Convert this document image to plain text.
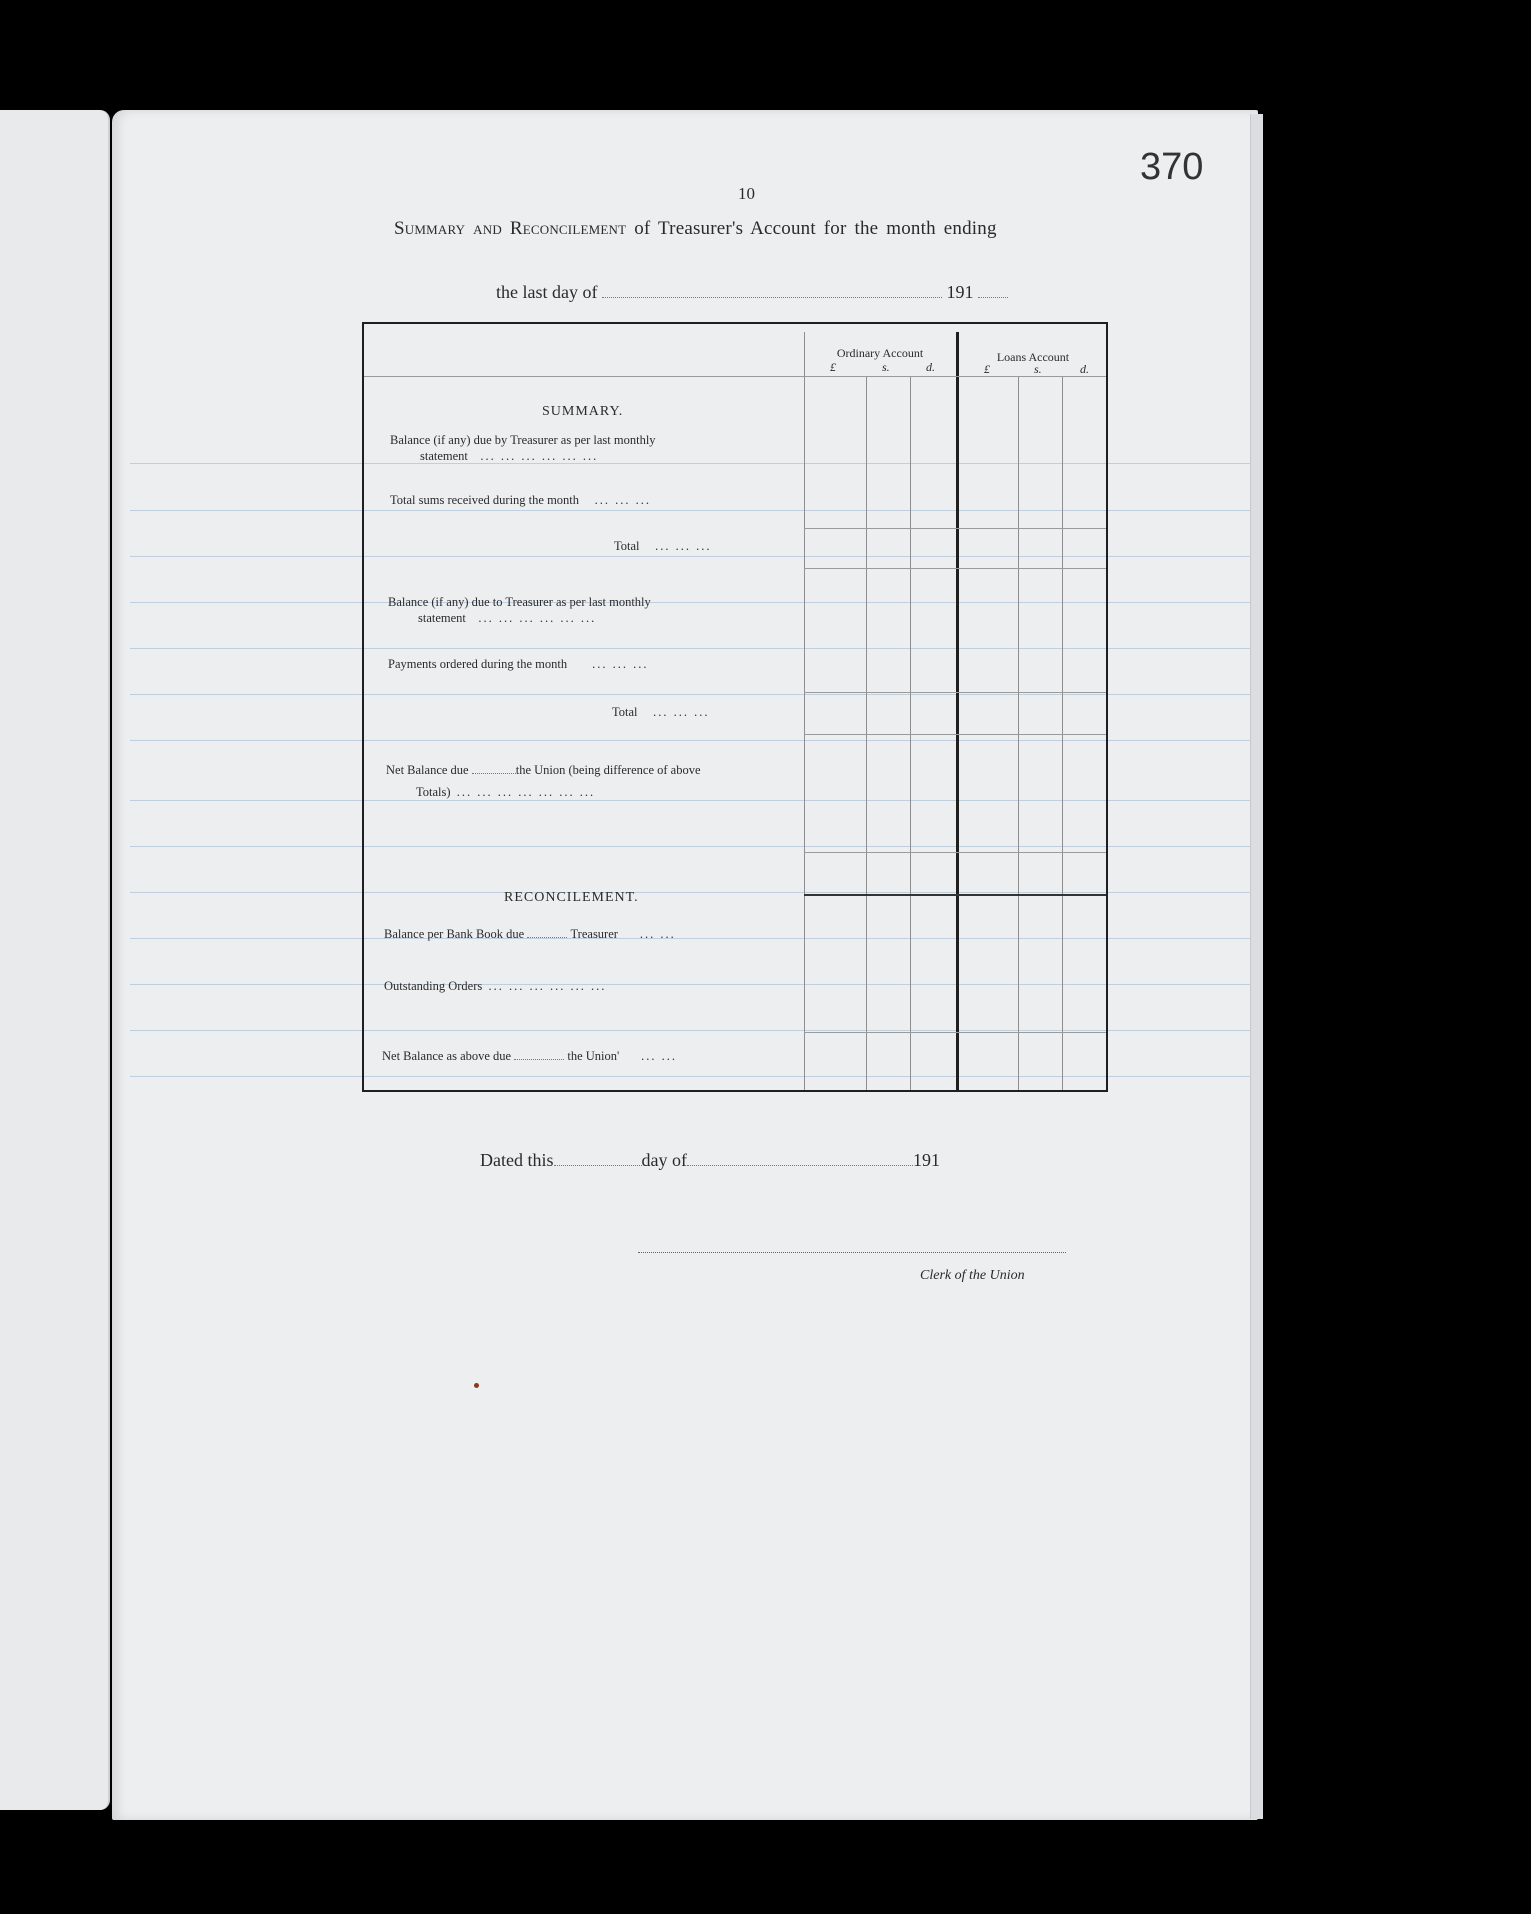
370
10
Summary and Reconcilement of Treasurer's Account for the month ending
the last day of	191
Ordinary Account
£	s.	d.
Loans Account
£	s.	d.
SUMMARY.
Balance (if any) due by Treasurer as per last monthly
statement ... ... ... ... ... ...
Total sums received during the month ... ... ...
Total ... ... ...
Balance (if any) due to Treasurer as per last monthly
statement ... ... ... ... ... ...
Payments ordered during the month ... ... ...
Total ... ... ...
Net Balance due	the Union (being difference of above
Totals) ... ... ... ... ... ... ...
RECONCILEMENT.
Balance per Bank Book due	Treasurer ... ...
Outstanding Orders ... ... ... ... ... ...
Net Balance as above due	the Union' ... ...
Dated this	day of	191
Clerk of the Union
